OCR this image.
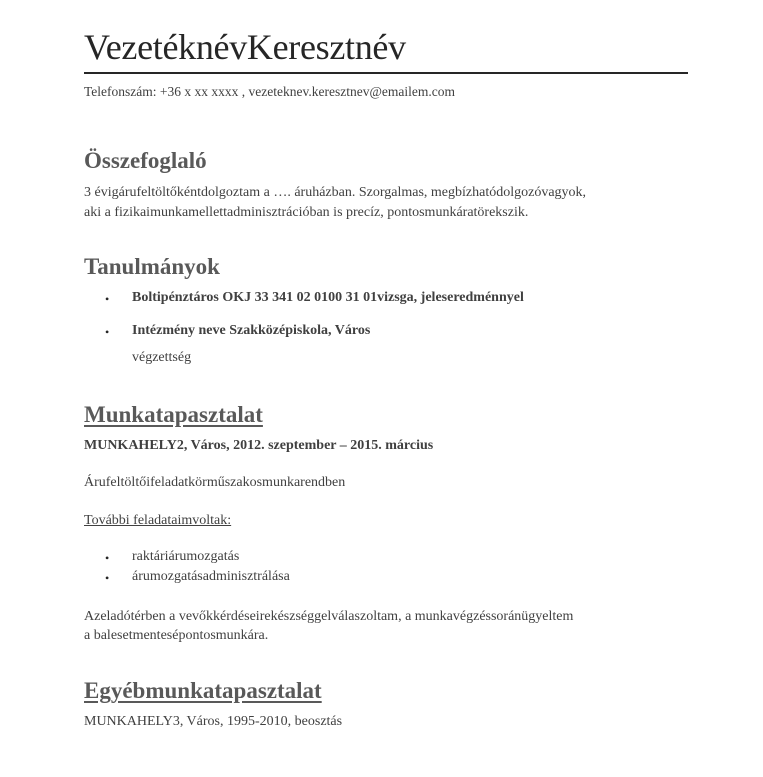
VezetéknévKeresztnév
Telefonszám: +36 x xx xxxx , vezeteknev.keresztnev@emailem.com
Összefoglaló
3 évigárufeltöltőkéntdolgoztam a …. áruházban. Szorgalmas, megbízhatódolgozóvagyok,
aki a fizikaimunkamellettadminisztrációban is precíz, pontosmunkáratörekszik.
Tanulmányok
• Boltipénztáros OKJ 33 341 02 0100 31 01vizsga, jeleseredménnyel
• Intézmény neve Szakközépiskola, Város
végzettség
Munkatapasztalat
MUNKAHELY2, Város, 2012. szeptember – 2015. március
Árufeltöltőifeladatkörműszakosmunkarendben
További feladataimvoltak:
• raktáriárumozgatás
• árumozgatásadminisztrálása
Azeladótérben a vevőkkérdéseirekészséggelválaszoltam, a munkavégzéssoránügyeltem
a balesetmentesépontosmunkára.
Egyébmunkatapasztalat
MUNKAHELY3, Város, 1995-2010, beosztás
